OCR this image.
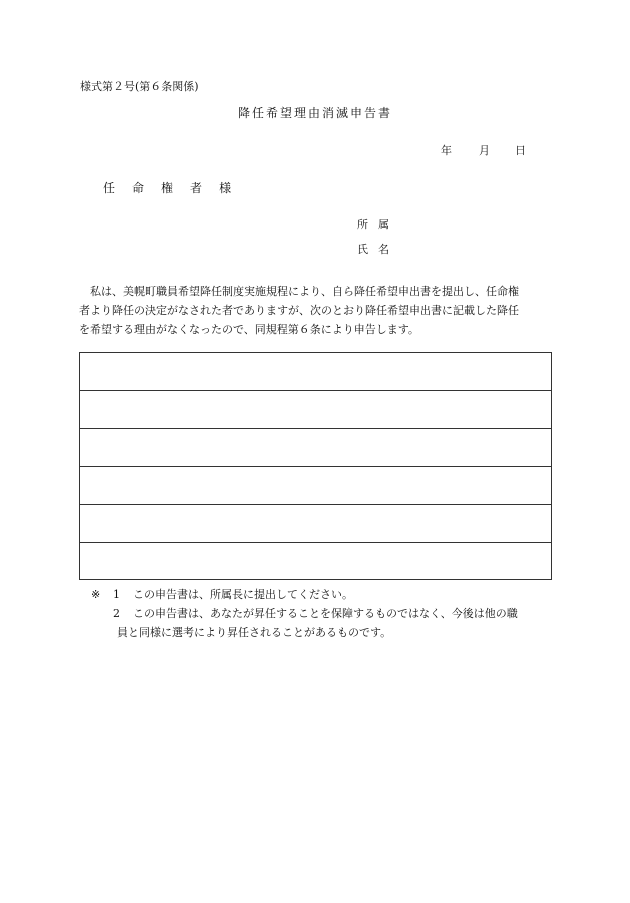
様式第２号(第６条関係)
降任希望理由消滅申告書
年 月 日
任 命 権 者 様
所 属
氏 名
私は、美幌町職員希望降任制度実施規程により、自ら降任希望申出書を提出し、任命権
者より降任の決定がなされた者でありますが、次のとおり降任希望申出書に記載した降任
を希望する理由がなくなったので、同規程第６条により申告します。
※ 1 この申告書は、所属長に提出してください。
2 この申告書は、あなたが昇任することを保障するものではなく、今後は他の職
員と同様に選考により昇任されることがあるものです。
